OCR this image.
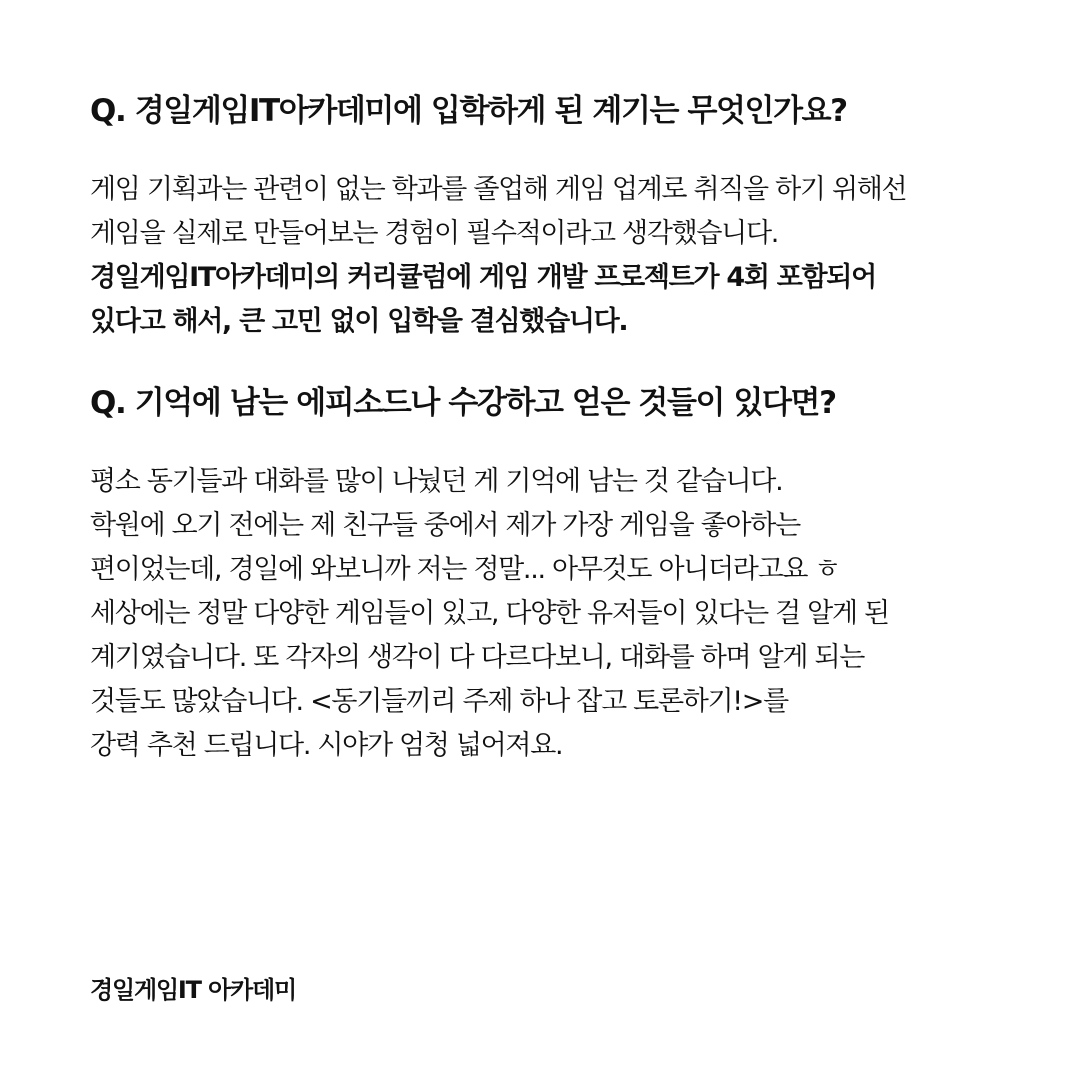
Q. 경일게임IT아카데미에 입학하게 된 계기는 무엇인가요?
게임 기획과는 관련이 없는 학과를 졸업해 게임 업계로 취직을 하기 위해선
게임을 실제로 만들어보는 경험이 필수적이라고 생각했습니다.
경일게임IT아카데미의 커리큘럼에 게임 개발 프로젝트가 4회 포함되어
있다고 해서, 큰 고민 없이 입학을 결심했습니다.
Q. 기억에 남는 에피소드나 수강하고 얻은 것들이 있다면?
평소 동기들과 대화를 많이 나눴던 게 기억에 남는 것 같습니다.
학원에 오기 전에는 제 친구들 중에서 제가 가장 게임을 좋아하는
편이었는데, 경일에 와보니까 저는 정말... 아무것도 아니더라고요 ㅎ
세상에는 정말 다양한 게임들이 있고, 다양한 유저들이 있다는 걸 알게 된
계기였습니다. 또 각자의 생각이 다 다르다보니, 대화를 하며 알게 되는
것들도 많았습니다. <동기들끼리 주제 하나 잡고 토론하기!>를
강력 추천 드립니다. 시야가 엄청 넓어져요.
경일게임IT 아카데미
